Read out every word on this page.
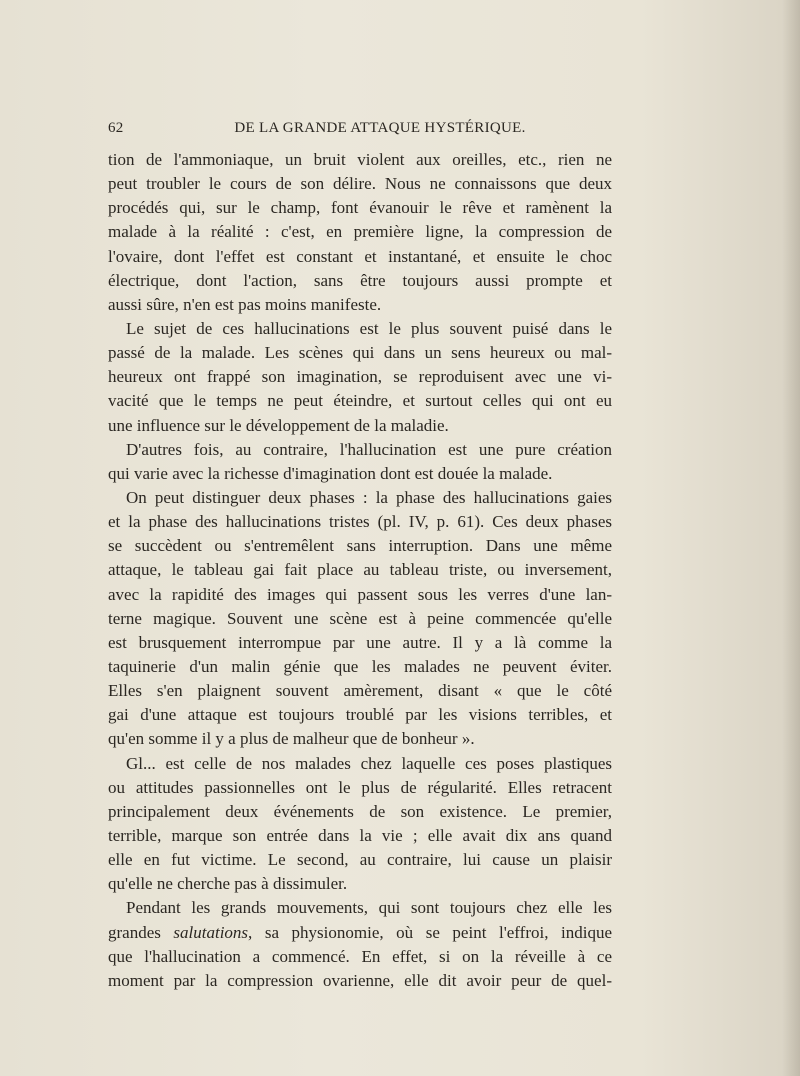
62	DE LA GRANDE ATTAQUE HYSTÉRIQUE.
tion de l'ammoniaque, un bruit violent aux oreilles, etc., rien ne
peut troubler le cours de son délire. Nous ne connaissons que deux
procédés qui, sur le champ, font évanouir le rêve et ramènent la
malade à la réalité : c'est, en première ligne, la compression de
l'ovaire, dont l'effet est constant et instantané, et ensuite le choc
électrique, dont l'action, sans être toujours aussi prompte et
aussi sûre, n'en est pas moins manifeste.
Le sujet de ces hallucinations est le plus souvent puisé dans le
passé de la malade. Les scènes qui dans un sens heureux ou mal-
heureux ont frappé son imagination, se reproduisent avec une vi-
vacité que le temps ne peut éteindre, et surtout celles qui ont eu
une influence sur le développement de la maladie.
D'autres fois, au contraire, l'hallucination est une pure création
qui varie avec la richesse d'imagination dont est douée la malade.
On peut distinguer deux phases : la phase des hallucinations gaies
et la phase des hallucinations tristes (pl. IV, p. 61). Ces deux phases
se succèdent ou s'entremêlent sans interruption. Dans une même
attaque, le tableau gai fait place au tableau triste, ou inversement,
avec la rapidité des images qui passent sous les verres d'une lan-
terne magique. Souvent une scène est à peine commencée qu'elle
est brusquement interrompue par une autre. Il y a là comme la
taquinerie d'un malin génie que les malades ne peuvent éviter.
Elles s'en plaignent souvent amèrement, disant « que le côté
gai d'une attaque est toujours troublé par les visions terribles, et
qu'en somme il y a plus de malheur que de bonheur ».
Gl... est celle de nos malades chez laquelle ces poses plastiques
ou attitudes passionnelles ont le plus de régularité. Elles retracent
principalement deux événements de son existence. Le premier,
terrible, marque son entrée dans la vie ; elle avait dix ans quand
elle en fut victime. Le second, au contraire, lui cause un plaisir
qu'elle ne cherche pas à dissimuler.
Pendant les grands mouvements, qui sont toujours chez elle les
grandes salutations, sa physionomie, où se peint l'effroi, indique
que l'hallucination a commencé. En effet, si on la réveille à ce
moment par la compression ovarienne, elle dit avoir peur de quel-
